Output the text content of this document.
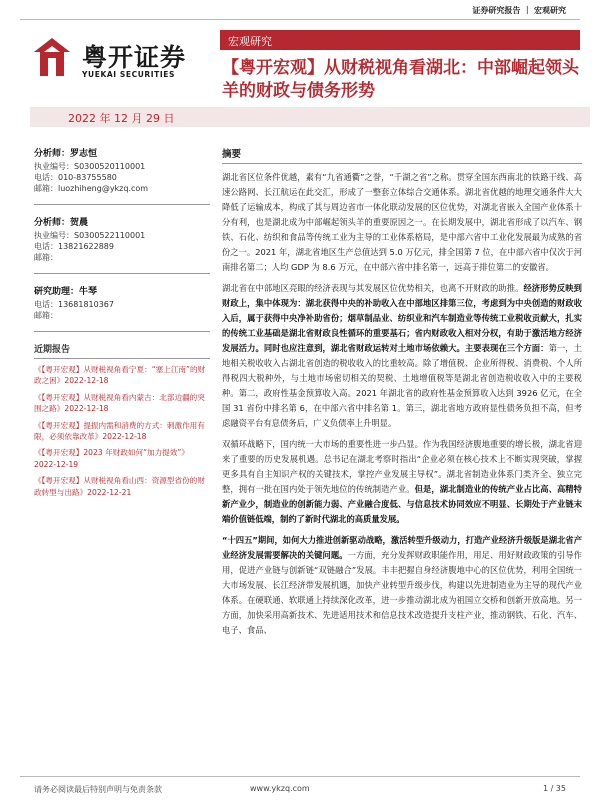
证券研究报告 ｜ 宏观研究
粤开证券
YUEKAI SECURITIES
宏观研究
【粤开宏观】从财税视角看湖北：中部崛起领头羊的财政与债务形势
2022 年 12 月 29 日
分析师：罗志恒
执业编号：S0300520110001
电话：010-83755580
邮箱：luozhiheng@ykzq.com
分析师：贺晨
执业编号：S0300522110001
电话：13821622889
邮箱：
研究助理：牛琴
电话：13681810367
邮箱：
近期报告
《【粤开宏观】从财税视角看宁夏：“塞上江南”的财政之困》2022-12-18
《【粤开宏观】从财税视角看内蒙古：北部边疆的突围之路》2022-12-18
《【粤开宏观】提振内需和消费的方式：刺激作用有限，必须依靠改革》2022-12-18
《【粤开宏观】2023 年财政如何“加力提效”》2022-12-19
《【粤开宏观】从财税视角看山西：资源型省份的财政转型与出路》2022-12-21
摘要

湖北省区位条件优越，素有“九省通衢”之誉，“千湖之省”之称。贯穿全国东西南北的铁路干线、高速公路网、长江航运在此交汇，形成了一整套立体综合交通体系。湖北省优越的地理交通条件大大降低了运输成本，构成了其与周边省市一体化联动发展的区位优势，对湖北省嵌入全国产业体系十分有利，也是湖北成为中部崛起领头羊的重要原因之一。在长期发展中，湖北省形成了以汽车、钢铁、石化、纺织和食品等传统工业为主导的工业体系格局，是中部六省中工业化发展最为成熟的省份之一。2021 年，湖北省地区生产总值达到 5.0 万亿元，排全国第 7 位，在中部六省中仅次于河南排名第二；人均 GDP 为 8.6 万元，在中部六省中排名第一，远高于排位第二的安徽省。

湖北省在中部地区亮眼的经济表现与其发展区位优势相关，也离不开财政的助推。经济形势反映到财政上，集中体现为：湖北获得中央的补助收入在中部地区排第三位，考虑到为中央创造的财政收入后，属于获得中央净补助省份；烟草制品业、纺织业和汽车制造业等传统工业税收贡献大，扎实的传统工业基础是湖北省财政良性循环的重要基石；省内财政收入相对分权，有助于激活地方经济发展活力。同时也应注意到，湖北省财政运转对土地市场依赖大。主要表现在三个方面：第一，土地相关税收收入占湖北省创造的税收收入的比重较高。除了增值税、企业所得税、消费税、个人所得税四大税种外，与土地市场密切相关的契税、土地增值税等是湖北省创造税收收入中的主要税种。第二，政府性基金预算收入高。2021 年湖北省的政府性基金预算收入达到 3926 亿元，在全国 31 省份中排名第 6，在中部六省中排名第 1。第三，湖北省地方政府显性债务负担不高，但考虑融资平台有息债务后，广义负债率上升明显。

双循环战略下，国内统一大市场的重要性进一步凸显。作为我国经济腹地重要的增长极，湖北省迎来了重要的历史发展机遇。总书记在湖北考察时指出“企业必须在核心技术上不断实现突破，掌握更多具有自主知识产权的关键技术，掌控产业发展主导权”。湖北省制造业体系门类齐全、独立完整，拥有一批在国内处于领先地位的传统制造产业。但是，湖北制造业的传统产业占比高、高精特新产业少，制造业的创新能力弱、产业融合度低、与信息技术协同效应不明显、长期处于产业链末端价值链低端，制约了新时代湖北的高质量发展。

“十四五”期间，如何大力推进创新驱动战略，激活转型升级动力，打造产业经济升级版是湖北省产业经济发展需要解决的关键问题。一方面，充分发挥财政职能作用，用足、用好财政政策的引导作用，促进产业链与创新链“双链融合”发展。丰丰把握自身经济腹地中心的区位优势，利用全国统一大市场发展、长江经济带发展机遇，加快产业转型升级步伐，构建以先进制造业为主导的现代产业体系。在硬联通、软联通上持续深化改革，进一步推动湖北成为祖国立交桥和创新开放高地。另一方面，加快采用高新技术、先进适用技术和信息技术改造提升支柱产业，推动钢铁、石化、汽车、电子、食品、

请务必阅读最后特别声明与免责条款	www.ykzq.com	1 / 35
